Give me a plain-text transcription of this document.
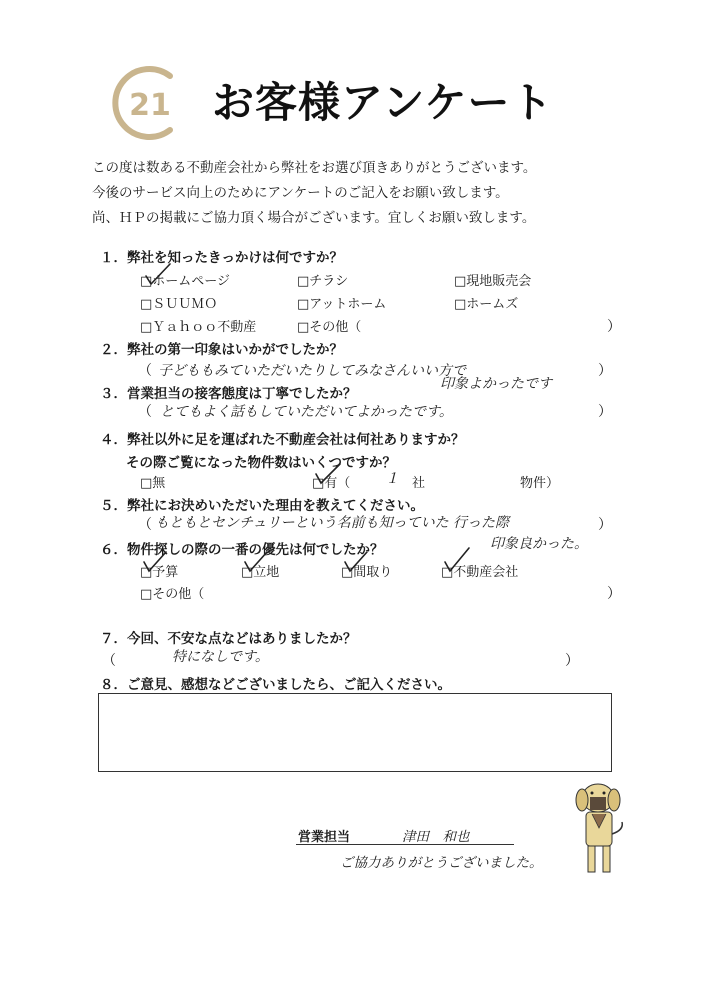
21 お客様アンケート
この度は数ある不動産会社から弊社をお選び頂きありがとうございます。
今後のサービス向上のためにアンケートのご記入をお願い致します。
尚、ＨＰの掲載にご協力頂く場合がございます。宜しくお願い致します。
１．弊社を知ったきっかけは何ですか？
□ホームページ	□チラシ	□現地販売会
□ＳＵＵＭＯ	□アットホーム	□ホームズ
□Ｙａｈｏｏ不動産	□その他（	）
２．弊社の第一印象はいかがでしたか？
（ 子どももみていただいたりしてみなさんいい方で	）
印象よかったです
３．営業担当の接客態度は丁寧でしたか？
（ とてもよく話もしていただいてよかったです。	）
４．弊社以外に足を運ばれた不動産会社は何社ありますか？
その際ご覧になった物件数はいくつですか？
□無	□有（ １ 社	物件）
５．弊社にお決めいただいた理由を教えてください。
（ もともとセンチュリーという名前も知っていた 行った際	）
６．物件探しの際の一番の優先は何でしたか？	印象良かった。
□予算	□立地	□間取り	□不動産会社
□その他（	）
７．今回、不安な点などはありましたか？
（	特になしです。	）
８．ご意見、感想などございましたら、ご記入ください。
営業担当	津田　和也
ご協力ありがとうございました。
